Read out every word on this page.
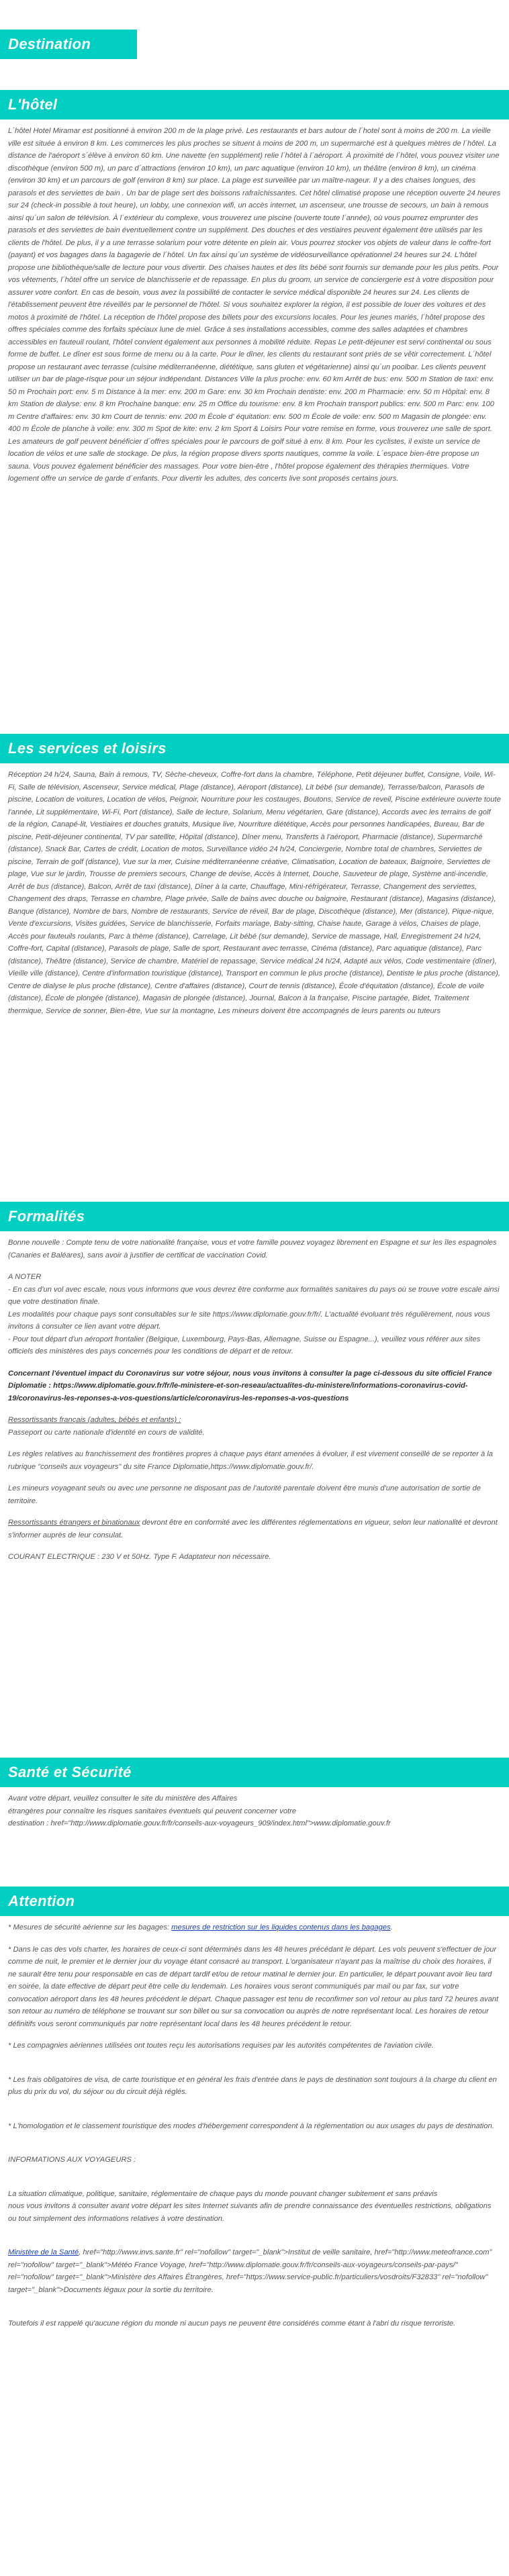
Destination
L'hôtel

L´hôtel Hotel Miramar est positionné à environ 200 m de la plage privé. Les restaurants et bars autour de l´hotel sont à moins de 200 m. La vieille ville est située à environ 8 km. Les commerces les plus proches se situent à moins de 200 m, un supermarché est à quelques mètres de l´hôtel. La distance de l'aéroport s´élève à environ 60 km. Une navette (en supplément) relie l´hôtel à l´aéroport. À proximité de l´hôtel, vous pouvez visiter une discothèque (environ 500 m), un parc d´attractions (environ 10 km), un parc aquatique (environ 10 km), un théâtre (environ 8 km), un cinéma (environ 30 km) et un parcours de golf (environ 8 km) sur place. La plage est surveillée par un maître-nageur. Il y a des chaises longues, des parasols et des serviettes de bain . Un bar de plage sert des boissons rafraîchissantes. Cet hôtel climatisé propose une réception ouverte 24 heures sur 24 (check-in possible à tout heure), un lobby, une connexion wifi, un accès internet, un ascenseur, une trousse de secours, un bain à remous ainsi qu´un salon de télévision. À l´extérieur du complexe, vous trouverez une piscine (ouverte toute l´année), où vous pourrez emprunter des parasols et des serviettes de bain éventuellement contre un supplément. Des douches et des vestiaires peuvent également être utilisés par les clients de l'hôtel. De plus, il y a une terrasse solarium pour votre détente en plein air. Vous pourrez stocker vos objets de valeur dans le coffre-fort (payant) et vos bagages dans la bagagerie de l´hôtel. Un fax ainsi qu´un système de vidéosurveillance opérationnel 24 heures sur 24. L'hôtel propose une bibliothèque/salle de lecture pour vous divertir. Des chaises hautes et des lits bébé sont fournis sur demande pour les plus petits. Pour vos vêtements, l´hôtel offre un service de blanchisserie et de repassage. En plus du groom, un service de conciergerie est à votre disposition pour assurer votre confort. En cas de besoin, vous avez la possibilité de contacter le service médical disponible 24 heures sur 24. Les clients de l'établissement peuvent être réveillés par le personnel de l'hôtel. Si vous souhaitez explorer la région, il est possible de louer des voitures et des motos à proximité de l'hôtel. La réception de l'hôtel propose des billets pour des excursions locales. Pour les jeunes mariés, l´hôtel propose des offres spéciales comme des forfaits spéciaux lune de miel. Grâce à ses installations accessibles, comme des salles adaptées et chambres accessibles en fauteuil roulant, l'hôtel convient également aux personnes à mobilité réduite. Repas Le petit-déjeuner est servi continental ou sous forme de buffet. Le dîner est sous forme de menu ou à la carte. Pour le dîner, les clients du restaurant sont priés de se vêtir correctement. L´hôtel propose un restaurant avec terrasse (cuisine méditerranéenne, diététique, sans gluten et végétarienne) ainsi qu´un poolbar. Les clients peuvent utiliser un bar de plage-risque pour un séjour indépendant. Distances Ville la plus proche: env. 60 km Arrêt de bus: env. 500 m Station de taxi: env. 50 m Prochain port: env. 5 m Distance à la mer: env. 200 m Gare: env. 30 km Prochain dentiste: env. 200 m Pharmacie: env. 50 m Hôpital: env. 8 km Station de dialyse: env. 8 km Prochaine banque: env. 25 m Office du tourisme: env. 8 km Prochain transport publics: env. 500 m Parc: env. 100 m Centre d'affaires: env. 30 km Court de tennis: env. 200 m École d' équitation: env. 500 m École de voile: env. 500 m Magasin de plongée: env. 400 m École de planche à voile: env. 300 m Spot de kite: env. 2 km Sport & Loisirs Pour votre remise en forme, vous trouverez une salle de sport. Les amateurs de golf peuvent bénéficier d´offres spéciales pour le parcours de golf situé à env. 8 km. Pour les cyclistes, il existe un service de location de vélos et une salle de stockage. De plus, la région propose divers sports nautiques, comme la voile. L´espace bien-être propose un sauna. Vous pouvez également bénéficier des massages. Pour votre bien-être , l'hôtel propose également des thérapies thermiques. Votre logement offre un service de garde d´enfants. Pour divertir les adultes, des concerts live sont proposés certains jours.

Les services et loisirs

Réception 24 h/24, Sauna, Bain à remous, TV, Sèche-cheveux, Coffre-fort dans la chambre, Téléphone, Petit déjeuner buffet, Consigne, Voile, Wi-Fi, Salle de télévision, Ascenseur, Service médical, Plage (distance), Aéroport (distance), Lit bébé (sur demande), Terrasse/balcon, Parasols de piscine, Location de voitures, Location de vélos, Peignoir, Nourriture pour les costauges, Boutons, Service de reveil, Piscine extérieure ouverte toute l'année, Lit supplémentaire, Wi-Fi, Port (distance), Salle de lecture, Solarium, Menu végétarien, Gare (distance), Accords avec les terrains de golf de la région, Canapé-lit, Vestiaires et douches gratuits, Musique live, Nourriture diététique, Accès pour personnes handicapées, Bureau, Bar de piscine, Petit-déjeuner continental, TV par satellite, Hôpital (distance), Dîner menu, Transferts à l'aéroport, Pharmacie (distance), Supermarché (distance), Snack Bar, Cartes de crédit, Location de motos, Surveillance vidéo 24 h/24, Conciergerie, Nombre total de chambres, Serviettes de piscine, Terrain de golf (distance), Vue sur la mer, Cuisine méditerranéenne créative, Climatisation, Location de bateaux, Baignoire, Serviettes de plage, Vue sur le jardin, Trousse de premiers secours, Change de devise, Accès à Internet, Douche, Sauveteur de plage, Système anti-incendie, Arrêt de bus (distance), Balcon, Arrêt de taxi (distance), Dîner à la carte, Chauffage, Mini-réfrigérateur, Terrasse, Changement des serviettes, Changement des draps, Terrasse en chambre, Plage privée, Salle de bains avec douche ou baignoire, Restaurant (distance), Magasins (distance), Banque (distance), Nombre de bars, Nombre de restaurants, Service de réveil, Bar de plage, Discothèque (distance), Mer (distance), Pique-nique, Vente d'excursions, Visites guidées, Service de blanchisserie, Forfaits mariage, Baby-sitting, Chaise haute, Garage à vélos, Chaises de plage, Accès pour fauteuils roulants, Parc à thème (distance), Carrelage, Lit bébé (sur demande), Service de massage, Hall, Enregistrement 24 h/24, Coffre-fort, Capital (distance), Parasols de plage, Salle de sport, Restaurant avec terrasse, Cinéma (distance), Parc aquatique (distance), Parc (distance), Théâtre (distance), Service de chambre, Matériel de repassage, Service médical 24 h/24, Adapté aux vélos, Code vestimentaire (dîner), Vieille ville (distance), Centre d'information touristique (distance), Transport en commun le plus proche (distance), Dentiste le plus proche (distance), Centre de dialyse le plus proche (distance), Centre d'affaires (distance), Court de tennis (distance), École d'équitation (distance), École de voile (distance), École de plongée (distance), Magasin de plongée (distance), Journal, Balcon à la française, Piscine partagée, Bidet, Traitement thermique, Service de sonner, Bien-être, Vue sur la montagne, Les mineurs doivent être accompagnés de leurs parents ou tuteurs

Formalités

Bonne nouvelle : Compte tenu de votre nationalité française, vous et votre famille pouvez voyagez librement en Espagne et sur les îles espagnoles (Canaries et Baléares), sans avoir à justifier de certificat de vaccination Covid.

A NOTER
- En cas d'un vol avec escale, nous vous informons que vous devrez être conforme aux formalités sanitaires du pays où se trouve votre escale ainsi que votre destination finale.
Les modalités pour chaque pays sont consultables sur le site https://www.diplomatie.gouv.fr/fr/. L'actualité évoluant très régulièrement, nous vous invitons à consulter ce lien avant votre départ.
- Pour tout départ d'un aéroport frontalier (Belgique, Luxembourg, Pays-Bas, Allemagne, Suisse ou Espagne...), veuillez vous référer aux sites officiels des ministères des pays concernés pour les conditions de départ et de retour.

Concernant l'éventuel impact du Coronavirus sur votre séjour, nous vous invitons à consulter la page ci-dessous du site officiel France Diplomatie : https://www.diplomatie.gouv.fr/fr/le-ministere-et-son-reseau/actualites-du-ministere/informations-coronavirus-covid-19/coronavirus-les-reponses-a-vos-questions/article/coronavirus-les-reponses-a-vos-questions

Ressortissants français (adultes, bébés et enfants) :
Passeport ou carte nationale d'identité en cours de validité.

Les règles relatives au franchissement des frontières propres à chaque pays étant amenées à évoluer, il est vivement conseillé de se reporter à la rubrique "conseils aux voyageurs" du site France Diplomatie,https://www.diplomatie.gouv.fr/.

Les mineurs voyageant seuls ou avec une personne ne disposant pas de l'autorité parentale doivent être munis d'une autorisation de sortie de territoire.

Ressortissants étrangers et binationaux devront être en conformité avec les différentes réglementations en vigueur, selon leur nationalité et devront s'informer auprès de leur consulat.

COURANT ELECTRIQUE : 230 V et 50Hz. Type F. Adaptateur non nécessaire.

Santé et Sécurité
Avant votre départ, veuillez consulter le site du ministère des Affaires
étrangères pour connaître les risques sanitaires éventuels qui peuvent concerner votre
destination : href="http://www.diplomatie.gouv.fr/fr/conseils-aux-voyageurs_909/index.html">www.diplomatie.gouv.fr
Attention

* Mesures de sécurité aérienne sur les bagages: mesures de restriction sur les liquides contenus dans les bagages.

* Dans le cas des vols charter, les horaires de ceux-ci sont déterminés dans les 48 heures précédant le départ. Les vols peuvent s'effectuer de jour comme de nuit, le premier et le dernier jour du voyage étant consacré au transport. L'organisateur n'ayant pas la maîtrise du choix des horaires, il ne saurait être tenu pour responsable en cas de départ tardif et/ou de retour matinal le dernier jour. En particulier, le départ pouvant avoir lieu tard en soirée, la date effective de départ peut être celle du lendemain. Les horaires vous seront communiqués par mail ou par fax, sur votre convocation aéroport dans les 48 heures précédent le départ. Chaque passager est tenu de reconfirmer son vol retour au plus tard 72 heures avant son retour au numéro de téléphone se trouvant sur son billet ou sur sa convocation ou auprès de notre représentant local. Les horaires de retour définitifs vous seront communiqués par notre représentant local dans les 48 heures précédent le retour.

* Les compagnies aériennes utilisées ont toutes reçu les autorisations requises par les autorités compétentes de l'aviation civile.

* Les frais obligatoires de visa, de carte touristique et en général les frais d'entrée dans le pays de destination sont toujours à la charge du client en plus du prix du vol, du séjour ou du circuit déjà réglés.

* L'homologation et le classement touristique des modes d'hébergement correspondent à la réglementation ou aux usages du pays de destination.

INFORMATIONS AUX VOYAGEURS :

La situation climatique, politique, sanitaire, réglementaire de chaque pays du monde pouvant changer subitement et sans préavis
nous vous invitons à consulter avant votre départ les sites Internet suivants afin de prendre connaissance des éventuelles restrictions, obligations ou tout simplement des informations relatives à votre destination.

Ministère de la Santé, href="http://www.invs.sante.fr" rel="nofollow" target="_blank">Institut de veille sanitaire, href="http://www.meteofrance.com" rel="nofollow" target="_blank">Météo France Voyage, href="http://www.diplomatie.gouv.fr/fr/conseils-aux-voyageurs/conseils-par-pays/" rel="nofollow" target="_blank">Ministère des Affaires Étrangères, href="https://www.service-public.fr/particuliers/vosdroits/F32833" rel="nofollow" target="_blank">Documents légaux pour la sortie du territoire.

Toutefois il est rappelé qu'aucune région du monde ni aucun pays ne peuvent être considérés comme étant à l'abri du risque terroriste.
